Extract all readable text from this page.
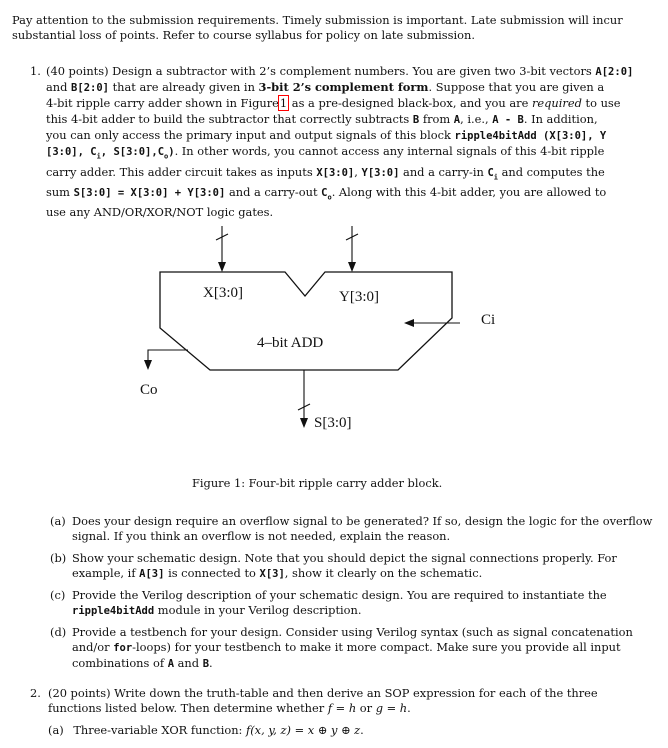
Pay attention to the submission requirements. Timely submission is important. Late submission will incur
substantial loss of points. Refer to course syllabus for policy on late submission.
1. (40 points) Design a subtractor with 2’s complement numbers. You are given two 3-bit vectors A[2:0]
and B[2:0] that are already given in 3-bit 2’s complement form. Suppose that you are given a
4-bit ripple carry adder shown in Figure1 as a pre-designed black-box, and you are required to use
this 4-bit adder to build the subtractor that correctly subtracts B from A, i.e., A - B. In addition,
you can only access the primary input and output signals of this block ripple4bitAdd (X[3:0], Y
[3:0], $C_i$, $S[3:0],C_o$). In other words, you cannot access any internal signals of this 4-bit ripple
carry adder. This adder circuit takes as inputs X[3:0], Y[3:0] and a carry-in $C_i$ and computes the
sum S[3:0] = X[3:0] + Y[3:0] and a carry-out $C_o$. Along with this 4-bit adder, you are allowed to
use any AND/OR/XOR/NOT logic gates.
X[3:0]	Y[3:0]
Ci
4–bit ADD
Co
S[3:0]
Figure 1: Four-bit ripple carry adder block.
(a) Does your design require an overflow signal to be generated? If so, design the logic for the overflow
signal. If you think an overflow is not needed, explain the reason.
(b) Show your schematic design. Note that you should depict the signal connections properly. For
example, if A[3] is connected to X[3], show it clearly on the schematic.
(c) Provide the Verilog description of your schematic design. You are required to instantiate the
ripple4bitAdd module in your Verilog description.
(d) Provide a testbench for your design. Consider using Verilog syntax (such as signal concatenation
and/or for-loops) for your testbench to make it more compact. Make sure you provide all input
combinations of A and B.
2. (20 points) Write down the truth-table and then derive an SOP expression for each of the three
functions listed below. Then determine whether f = h or g = h.
(a) Three-variable XOR function: f(x, y, z) = x ⊕ y ⊕ z.
